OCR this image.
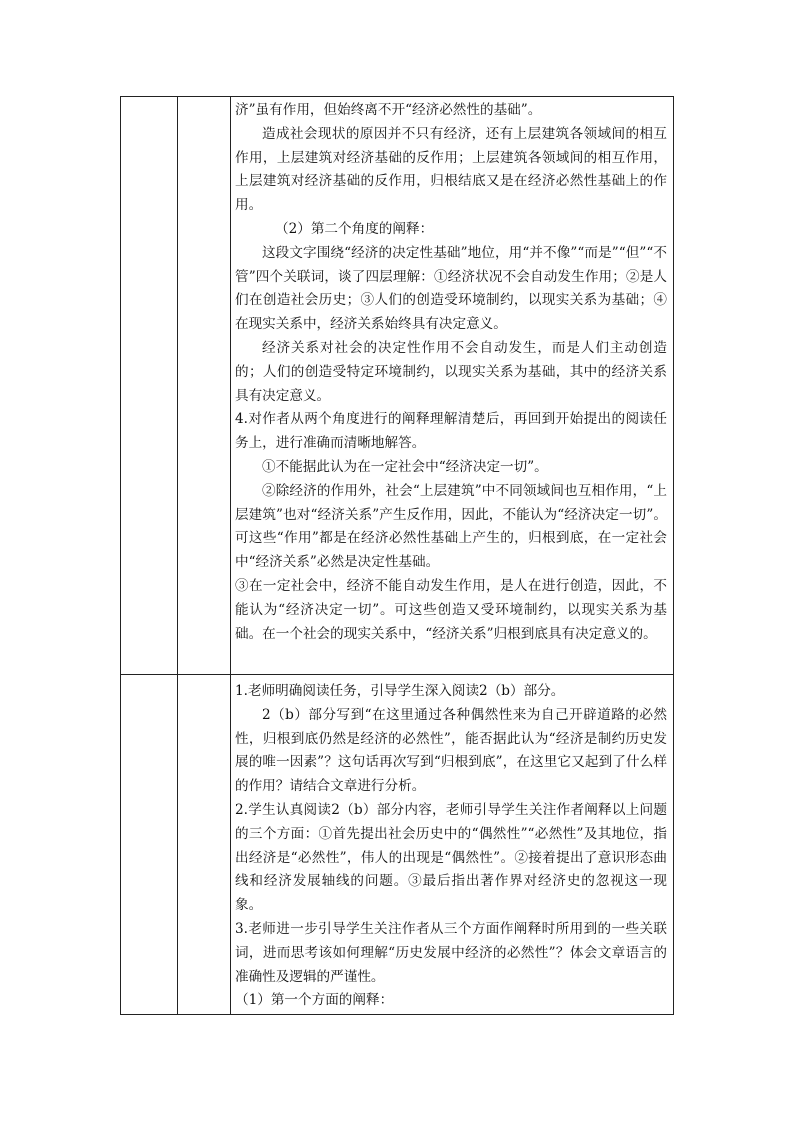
济”虽有作用，但始终离不开“经济必然性的基础”。

造成社会现状的原因并不只有经济，还有上层建筑各领域间的相互作用，上层建筑对经济基础的反作用；上层建筑各领域间的相互作用，上层建筑对经济基础的反作用，归根结底又是在经济必然性基础上的作用。

（2）第二个角度的阐释：

这段文字围绕“经济的决定性基础”地位，用“并不像”“而是”“但”“不管”四个关联词，谈了四层理解：①经济状况不会自动发生作用；②是人们在创造社会历史；③人们的创造受环境制约，以现实关系为基础；④在现实关系中，经济关系始终具有决定意义。

经济关系对社会的决定性作用不会自动发生，而是人们主动创造的；人们的创造受特定环境制约，以现实关系为基础，其中的经济关系具有决定意义。

4.对作者从两个角度进行的阐释理解清楚后，再回到开始提出的阅读任务上，进行准确而清晰地解答。

①不能据此认为在一定社会中“经济决定一切”。

②除经济的作用外，社会“上层建筑”中不同领域间也互相作用，“上层建筑”也对“经济关系”产生反作用，因此，不能认为“经济决定一切”。可这些“作用”都是在经济必然性基础上产生的，归根到底，在一定社会中“经济关系”必然是决定性基础。

③在一定社会中，经济不能自动发生作用，是人在进行创造，因此，不能认为“经济决定一切”。可这些创造又受环境制约，以现实关系为基础。在一个社会的现实关系中，“经济关系”归根到底具有决定意义的。

1.老师明确阅读任务，引导学生深入阅读2（b）部分。

2（b）部分写到“在这里通过各种偶然性来为自己开辟道路的必然性，归根到底仍然是经济的必然性”，能否据此认为“经济是制约历史发展的唯一因素”？这句话再次写到“归根到底”，在这里它又起到了什么样的作用？请结合文章进行分析。

2.学生认真阅读2（b）部分内容，老师引导学生关注作者阐释以上问题的三个方面：①首先提出社会历史中的“偶然性”“必然性”及其地位，指出经济是“必然性”，伟人的出现是“偶然性”。②接着提出了意识形态曲线和经济发展轴线的问题。③最后指出著作界对经济史的忽视这一现象。

3.老师进一步引导学生关注作者从三个方面作阐释时所用到的一些关联词，进而思考该如何理解“历史发展中经济的必然性”？体会文章语言的准确性及逻辑的严谨性。

（1）第一个方面的阐释：
